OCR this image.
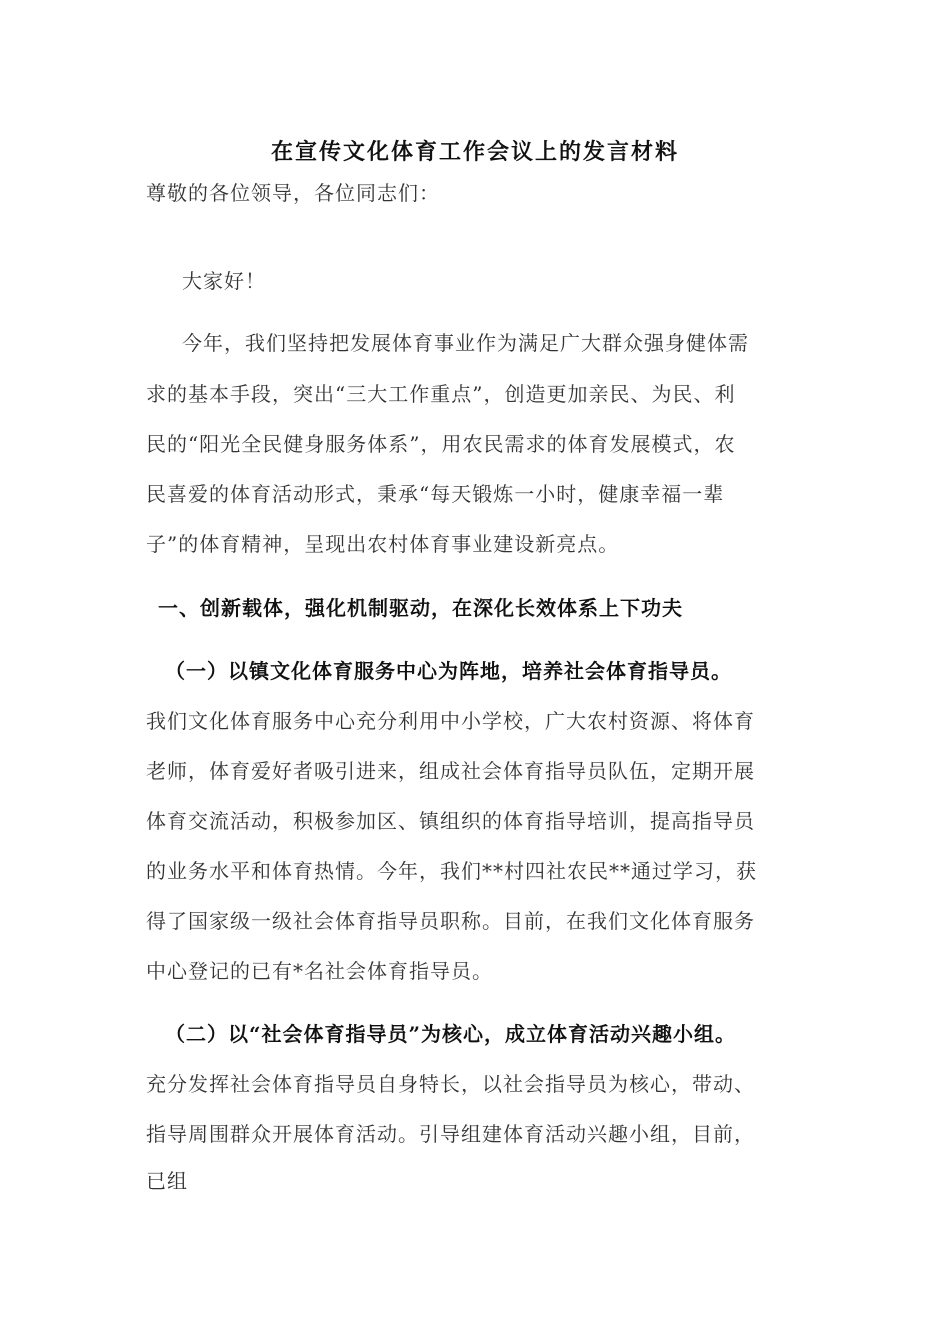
在宣传文化体育工作会议上的发言材料
尊敬的各位领导，各位同志们：
大家好！
今年，我们坚持把发展体育事业作为满足广大群众强身健体需
求的基本手段，突出“三大工作重点”，创造更加亲民、为民、利
民的“阳光全民健身服务体系”，用农民需求的体育发展模式，农
民喜爱的体育活动形式，秉承“每天锻炼一小时，健康幸福一辈
子”的体育精神，呈现出农村体育事业建设新亮点。
一、创新载体，强化机制驱动，在深化长效体系上下功夫
（一）以镇文化体育服务中心为阵地，培养社会体育指导员。
我们文化体育服务中心充分利用中小学校，广大农村资源、将体育
老师，体育爱好者吸引进来，组成社会体育指导员队伍，定期开展
体育交流活动，积极参加区、镇组织的体育指导培训，提高指导员
的业务水平和体育热情。今年，我们**村四社农民**通过学习，获
得了国家级一级社会体育指导员职称。目前，在我们文化体育服务
中心登记的已有*名社会体育指导员。
（二）以“社会体育指导员”为核心，成立体育活动兴趣小组。
充分发挥社会体育指导员自身特长，以社会指导员为核心，带动、
指导周围群众开展体育活动。引导组建体育活动兴趣小组，目前，
已组
